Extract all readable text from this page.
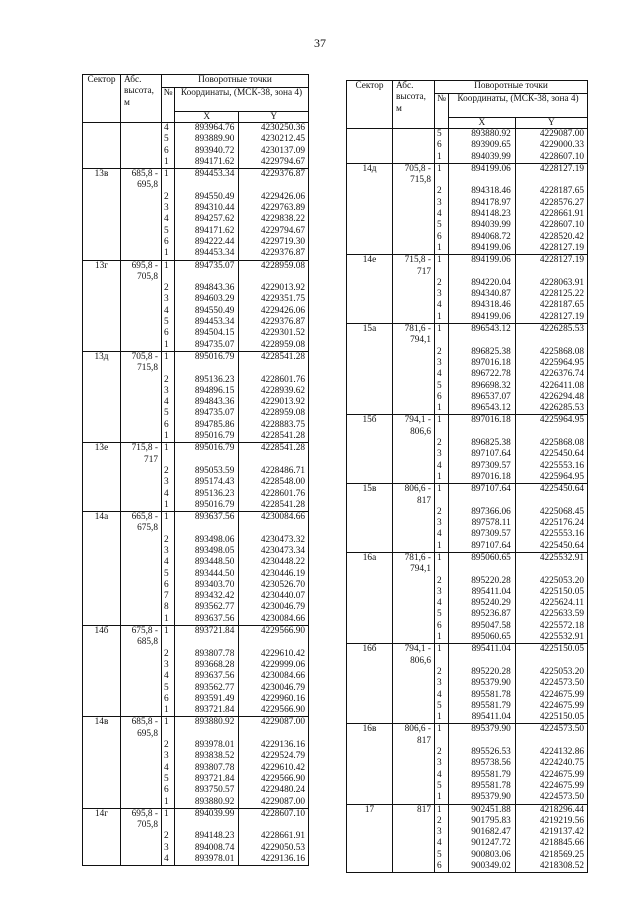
37
Сектор	Абс. высота, м	Поворотные точки		
		№	Координаты, (МСК-38, зона 4)	
			X	Y
		4	893964.76	4230250.36
		5	893889.90	4230212.45
		6	893940.72	4230137.09
		1	894171.62	4229794.67
13в	685,8 - 695,8	1	894453.34	4229376.87
		2	894550.49	4229426.06
		3	894310.44	4229763.89
		4	894257.62	4229838.22
		5	894171.62	4229794.67
		6	894222.44	4229719.30
		1	894453.34	4229376.87
13г	695,8 - 705,8	1	894735.07	4228959.08
		2	894843.36	4229013.92
		3	894603.29	4229351.75
		4	894550.49	4229426.06
		5	894453.34	4229376.87
		6	894504.15	4229301.52
		1	894735.07	4228959.08
13д	705,8 - 715,8	1	895016.79	4228541.28
		2	895136.23	4228601.76
		3	894896.15	4228939.62
		4	894843.36	4229013.92
		5	894735.07	4228959.08
		6	894785.86	4228883.75
		1	895016.79	4228541.28
13е	715,8 - 717	1	895016.79	4228541.28
		2	895053.59	4228486.71
		3	895174.43	4228548.00
		4	895136.23	4228601.76
		1	895016.79	4228541.28
14а	665,8 - 675,8	1	893637.56	4230084.66
		2	893498.06	4230473.32
		3	893498.05	4230473.34
		4	893448.50	4230448.22
		5	893444.50	4230446.19
		6	893403.70	4230526.70
		7	893432.42	4230440.07
		8	893562.77	4230046.79
		1	893637.56	4230084.66
14б	675,8 - 685,8	1	893721.84	4229566.90
		2	893807.78	4229610.42
		3	893668.28	4229999.06
		4	893637.56	4230084.66
		5	893562.77	4230046.79
		6	893591.49	4229960.16
		1	893721.84	4229566.90
14в	685,8 - 695,8	1	893880.92	4229087.00
		2	893978.01	4229136.16
		3	893838.52	4229524.79
		4	893807.78	4229610.42
		5	893721.84	4229566.90
		6	893750.57	4229480.24
		1	893880.92	4229087.00
14г	695,8 - 705,8	1	894039.99	4228607.10
		2	894148.23	4228661.91
		3	894008.74	4229050.53
		4	893978.01	4229136.16
Сектор	Абс. высота, м	Поворотные точки		
		№	Координаты, (МСК-38, зона 4)	
			X	Y
		5	893880.92	4229087.00
		6	893909.65	4229000.33
		1	894039.99	4228607.10
14д	705,8 - 715,8	1	894199.06	4228127.19
		2	894318.46	4228187.65
		3	894178.97	4228576.27
		4	894148.23	4228661.91
		5	894039.99	4228607.10
		6	894068.72	4228520.42
		1	894199.06	4228127.19
14е	715,8 - 717	1	894199.06	4228127.19
		2	894220.04	4228063.91
		3	894340.87	4228125.22
		4	894318.46	4228187.65
		1	894199.06	4228127.19
15а	781,6 - 794,1	1	896543.12	4226285.53
		2	896825.38	4225868.08
		3	897016.18	4225964.95
		4	896722.78	4226376.74
		5	896698.32	4226411.08
		6	896537.07	4226294.48
		1	896543.12	4226285.53
15б	794,1 - 806,6	1	897016.18	4225964.95
		2	896825.38	4225868.08
		3	897107.64	4225450.64
		4	897309.57	4225553.16
		1	897016.18	4225964.95
15в	806,6 - 817	1	897107.64	4225450.64
		2	897366.06	4225068.45
		3	897578.11	4225176.24
		4	897309.57	4225553.16
		1	897107.64	4225450.64
16а	781,6 - 794,1	1	895060.65	4225532.91
		2	895220.28	4225053.20
		3	895411.04	4225150.05
		4	895240.29	4225624.11
		5	895236.87	4225633.59
		6	895047.58	4225572.18
		1	895060.65	4225532.91
16б	794,1 - 806,6	1	895411.04	4225150.05
		2	895220.28	4225053.20
		3	895379.90	4224573.50
		4	895581.78	4224675.99
		5	895581.79	4224675.99
		1	895411.04	4225150.05
16в	806,6 - 817	1	895379.90	4224573.50
		2	895526.53	4224132.86
		3	895738.56	4224240.75
		4	895581.79	4224675.99
		5	895581.78	4224675.99
		1	895379.90	4224573.50
17	817	1	902451.88	4218296.44
		2	901795.83	4219219.56
		3	901682.47	4219137.42
		4	901247.72	4218845.66
		5	900803.06	4218569.25
		6	900349.02	4218308.52
